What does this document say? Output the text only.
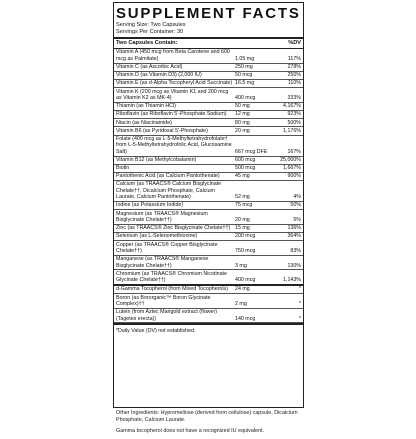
SUPPLEMENT FACTS
Serving Size: Two Capsules
Servings Per Container: 30
Two Capsules Contain:	%DV
Vitamin A (450 mcg from Beta Carotene and 600 mcg as Palmitate)	1.05 mg	117%
Vitamin C (as Ascorbic Acid)	250 mg	278%
Vitamin D (as Vitamin D3) (2,000 IU)	50 mcg	250%
Vitamin E (as d-Alpha Tocopheryl Acid Succinate) 16.5 mg	110%
Vitamin K (200 mcg as Vitamin K1 and 200 mcg as Vitamin K2 as MK-4)	400 mcg	333%
Thiamin (as Thiamin HCl)	50 mg	4,167%
Riboflavin (as Riboflavin 5'-Phosphate Sodium)	12 mg	923%
Niacin (as Niacinamide)	80 mg	500%
Vitamin B6 (as Pyridoxal 5'-Phosphate)	20 mg	1,176%
Folate (400 mcg as L-5-Methyltetrahydrofolate† from L-5-Methyltetrahydrofolic Acid, Glucosamine Salt)	667 mcg DFE	167%
Vitamin B12 (as Methylcobalamin)	600 mcg	25,000%
Biotin	500 mcg	1,667%
Pantothenic Acid (as Calcium Pantothenate)	45 mg	900%
Calcium (as TRAACS® Calcium Bisglycinate Chelate††, Dicalcium Phosphate, Calcium Laurate, Calcium Pantothenate)	52 mg	4%
Iodine (as Potassium Iodide)	75 mcg	50%
Magnesium (as TRAACS® Magnesium Bisglycinate Chelate††)	20 mg	5%
Zinc (as TRAACS® Zinc Bisglycinate Chelate††) 15 mg	136%
Selenium (as L-Selenomethionine)	200 mcg	364%
Copper (as TRAACS® Copper Bisglycinate Chelate††)	750 mcg	83%
Manganese (as TRAACS® Manganese Bisglycinate Chelate††)	3 mg	130%
Chromium (as TRAACS® Chromium Nicotinate Glycinate Chelate††)	400 mcg	1,143%
d-Gamma Tocopherol (from Mixed Tocopherols)	24 mg	*
Boron (as Bororganic™ Boron Glycinate Complex)††	2 mg	*
Lutein (from Aztec Marigold extract (flower) (Tagetes erecta))	140 mcg	*
*Daily Value (DV) not established.

Other Ingredients: Hypromellose (derived from cellulose) capsule, Dicalcium Phosphate, Calcium Laurate.

Gamma tocopherol does not have a recognized IU equivalent.
